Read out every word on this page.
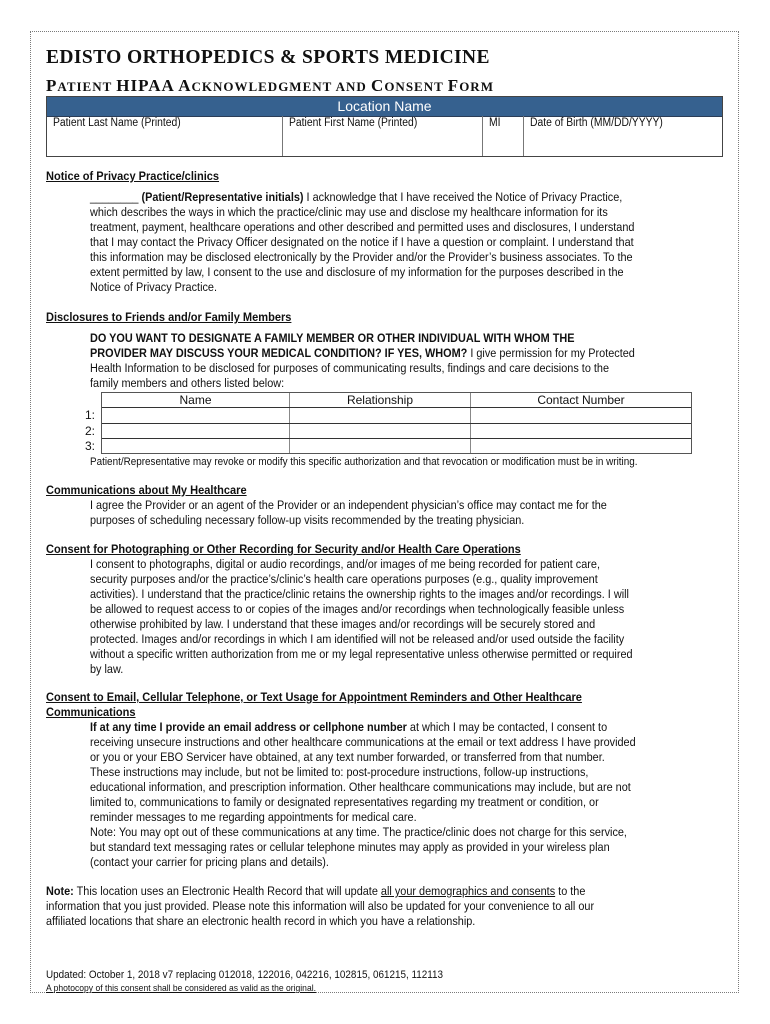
EDISTO ORTHOPEDICS & SPORTS MEDICINE
PATIENT HIPAA ACKNOWLEDGMENT AND CONSENT FORM
Location Name
Patient Last Name (Printed)	Patient First Name (Printed)	MI	Date of Birth (MM/DD/YYYY)
Notice of Privacy Practice/clinics
________ (Patient/Representative initials) I acknowledge that I have received the Notice of Privacy Practice,
which describes the ways in which the practice/clinic may use and disclose my healthcare information for its
treatment, payment, healthcare operations and other described and permitted uses and disclosures, I understand
that I may contact the Privacy Officer designated on the notice if I have a question or complaint. I understand that
this information may be disclosed electronically by the Provider and/or the Provider’s business associates. To the
extent permitted by law, I consent to the use and disclosure of my information for the purposes described in the
Notice of Privacy Practice.
Disclosures to Friends and/or Family Members
DO YOU WANT TO DESIGNATE A FAMILY MEMBER OR OTHER INDIVIDUAL WITH WHOM THE
PROVIDER MAY DISCUSS YOUR MEDICAL CONDITION? IF YES, WHOM? I give permission for my Protected
Health Information to be disclosed for purposes of communicating results, findings and care decisions to the
family members and others listed below:
Name	Relationship	Contact Number
1:
2:
3:
Patient/Representative may revoke or modify this specific authorization and that revocation or modification must be in writing.
Communications about My Healthcare
I agree the Provider or an agent of the Provider or an independent physician’s office may contact me for the
purposes of scheduling necessary follow-up visits recommended by the treating physician.
Consent for Photographing or Other Recording for Security and/or Health Care Operations
I consent to photographs, digital or audio recordings, and/or images of me being recorded for patient care,
security purposes and/or the practice’s/clinic’s health care operations purposes (e.g., quality improvement
activities). I understand that the practice/clinic retains the ownership rights to the images and/or recordings. I will
be allowed to request access to or copies of the images and/or recordings when technologically feasible unless
otherwise prohibited by law. I understand that these images and/or recordings will be securely stored and
protected. Images and/or recordings in which I am identified will not be released and/or used outside the facility
without a specific written authorization from me or my legal representative unless otherwise permitted or required
by law.
Consent to Email, Cellular Telephone, or Text Usage for Appointment Reminders and Other Healthcare
Communications
If at any time I provide an email address or cellphone number at which I may be contacted, I consent to
receiving unsecure instructions and other healthcare communications at the email or text address I have provided
or you or your EBO Servicer have obtained, at any text number forwarded, or transferred from that number.
These instructions may include, but not be limited to: post-procedure instructions, follow-up instructions,
educational information, and prescription information. Other healthcare communications may include, but are not
limited to, communications to family or designated representatives regarding my treatment or condition, or
reminder messages to me regarding appointments for medical care.
Note: You may opt out of these communications at any time. The practice/clinic does not charge for this service,
but standard text messaging rates or cellular telephone minutes may apply as provided in your wireless plan
(contact your carrier for pricing plans and details).
Note: This location uses an Electronic Health Record that will update all your demographics and consents to the
information that you just provided. Please note this information will also be updated for your convenience to all our
affiliated locations that share an electronic health record in which you have a relationship.
Updated: October 1, 2018 v7 replacing 012018, 122016, 042216, 102815, 061215, 112113
A photocopy of this consent shall be considered as valid as the original.
